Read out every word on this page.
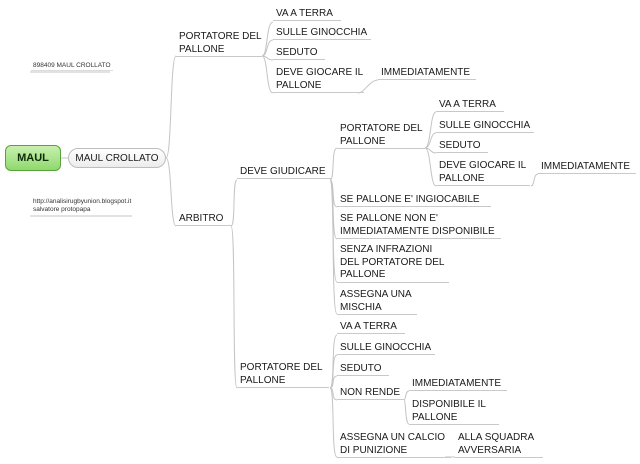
898409 MAUL CROLLATO
http://analisirugbyunion.blogspot.it
salvatore protopapa
MAUL	MAUL CROLLATO
PORTATORE DEL
PALLONE
VA A TERRA
SULLE GINOCCHIA
SEDUTO
DEVE GIOCARE IL
PALLONE
IMMEDIATAMENTE
ARBITRO
DEVE GIUDICARE
PORTATORE DEL
PALLONE
VA A TERRA
SULLE GINOCCHIA
SEDUTO
DEVE GIOCARE IL
PALLONE
IMMEDIATAMENTE
SE PALLONE E' INGIOCABILE
SE PALLONE NON E'
IMMEDIATAMENTE DISPONIBILE
SENZA INFRAZIONI
DEL PORTATORE DEL
PALLONE
ASSEGNA UNA
MISCHIA
PORTATORE DEL
PALLONE
VA A TERRA
SULLE GINOCCHIA
SEDUTO
NON RENDE
IMMEDIATAMENTE
DISPONIBILE IL
PALLONE
ASSEGNA UN CALCIO
DI PUNIZIONE
ALLA SQUADRA
AVVERSARIA
